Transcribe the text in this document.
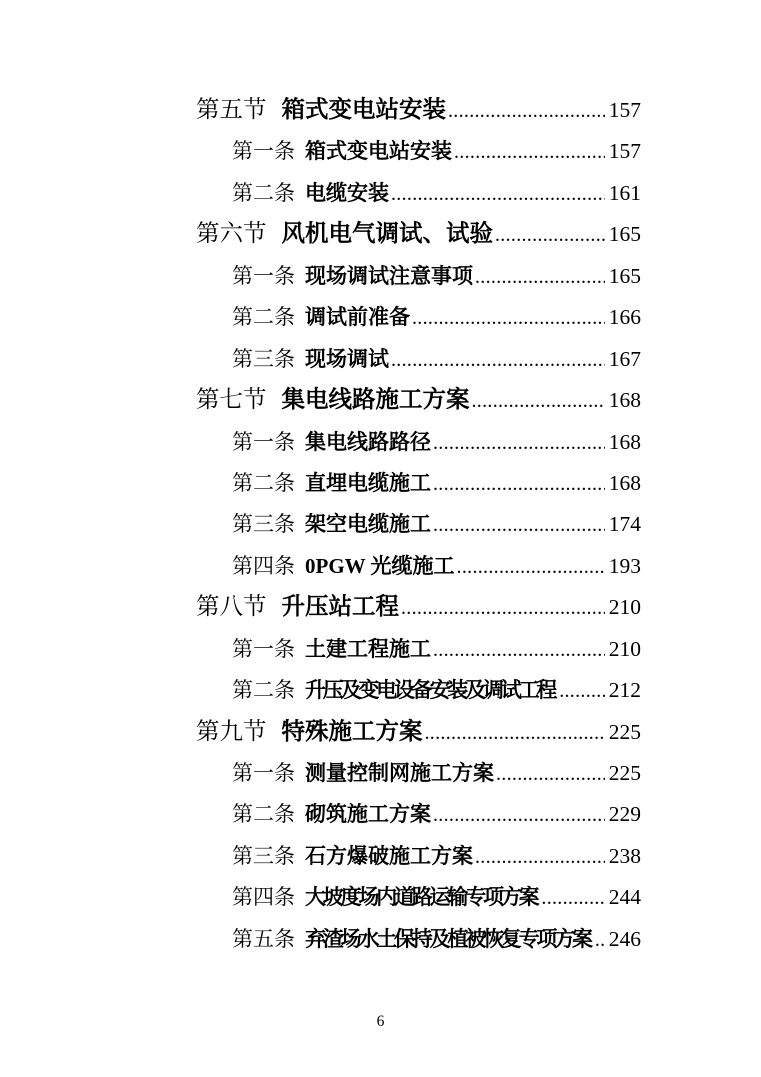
第五节 箱式变电站安装 .....	157
第一条 箱式变电站安装 .....	157
第二条 电缆安装 .....	161
第六节 风机电气调试、试验 .....	165
第一条 现场调试注意事项 .....	165
第二条 调试前准备 .....	166
第三条 现场调试 .....	167
第七节 集电线路施工方案 .....	168
第一条 集电线路路径 .....	168
第二条 直埋电缆施工 .....	168
第三条 架空电缆施工 .....	174
第四条 0PGW 光缆施工 .....	193
第八节 升压站工程 .....	210
第一条 土建工程施工 .....	210
第二条 升压及变电设备安装及调试工程 .....	212
第九节 特殊施工方案 .....	225
第一条 测量控制网施工方案 .....	225
第二条 砌筑施工方案 .....	229
第三条 石方爆破施工方案 .....	238
第四条 大坡度场内道路运输专项方案 .....	244
第五条 弃渣场水土保持及植被恢复专项方案 ..... 246
6
